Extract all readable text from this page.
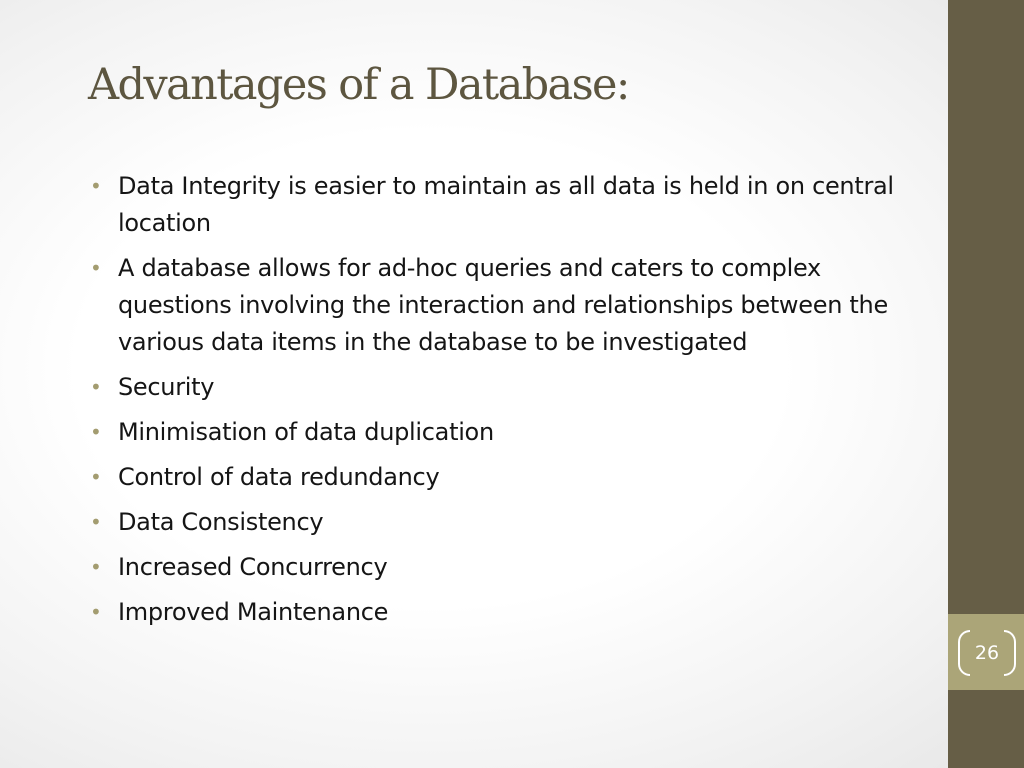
26
Advantages of a Database:
• Data Integrity is easier to maintain as all data is held in on central location
• A database allows for ad-hoc queries and caters to complex questions involving the interaction and relationships between the various data items in the database to be investigated
• Security
• Minimisation of data duplication
• Control of data redundancy
• Data Consistency
• Increased Concurrency
• Improved Maintenance
